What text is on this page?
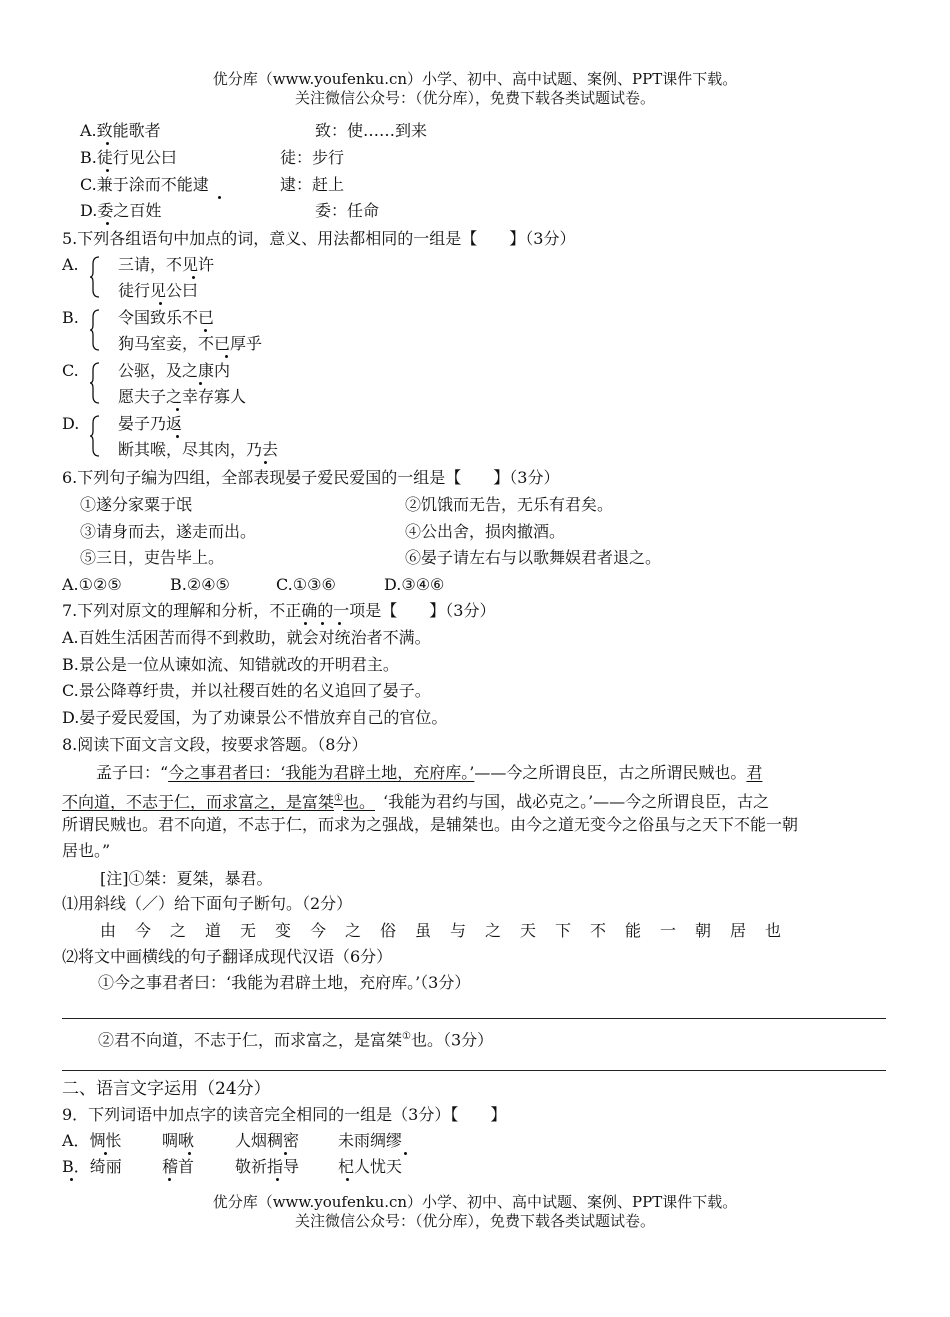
优分库（www.youfenku.cn）小学、初中、高中试题、案例、PPT课件下载。
关注微信公众号：（优分库），免费下载各类试题试卷。
A.致能歌者	致：使……到来
B.徒行见公曰	徒：步行
C.兼于涂而不能逮	逮：赶上
D.委之百姓	委：任命
5.下列各组语句中加点的词，意义、用法都相同的一组是【　　】（3分）
A. 三请，不见许
徒行见公曰
B. 令国致乐不已
狗马室妾，不已厚乎
C. 公驱，及之康内
愿夫子之幸存寡人
D. 晏子乃返
断其喉，尽其肉，乃去
6.下列句子编为四组，全部表现晏子爱民爱国的一组是【　　】（3分）
①遂分家粟于氓	②饥饿而无告，无乐有君矣。
③请身而去，遂走而出。	④公出舍，损肉撤酒。
⑤三日，吏告毕上。	⑥晏子请左右与以歌舞娱君者退之。
A.①②⑤	B.②④⑤	C.①③⑥	D.③④⑥
7.下列对原文的理解和分析，不正确的一项是【　　】（3分）
A.百姓生活困苦而得不到救助，就会对统治者不满。
B.景公是一位从谏如流、知错就改的开明君主。
C.景公降尊纡贵，并以社稷百姓的名义追回了晏子。
D.晏子爱民爱国，为了劝谏景公不惜放弃自己的官位。
8.阅读下面文言文段，按要求答题。（8分）
孟子曰：“今之事君者曰：‘我能为君辟土地，充府库。’——今之所谓良臣，古之所谓民贼也。君
不向道，不志于仁，而求富之，是富桀①也。 ‘我能为君约与国，战必克之。’——今之所谓良臣，古之
所谓民贼也。君不向道，不志于仁，而求为之强战，是辅桀也。由今之道无变今之俗虽与之天下不能一朝
居也。”
[注]①桀：夏桀，暴君。
⑴用斜线（／）给下面句子断句。（2分）
由今之道无变今之俗虽与之天下不能一朝居也
⑵将文中画横线的句子翻译成现代汉语（6分）
①今之事君者曰：‘我能为君辟土地，充府库。’（3分）
②君不向道，不志于仁，而求富之，是富桀①也。（3分）
二、语言文字运用（24分）
9．下列词语中加点字的读音完全相同的一组是（3分）【　　】
A．惆怅	啁啾	人烟稠密 未雨绸缪
B．绮丽	稽首	敬祈指导 杞人忧天
优分库（www.youfenku.cn）小学、初中、高中试题、案例、PPT课件下载。
关注微信公众号：（优分库），免费下载各类试题试卷。
